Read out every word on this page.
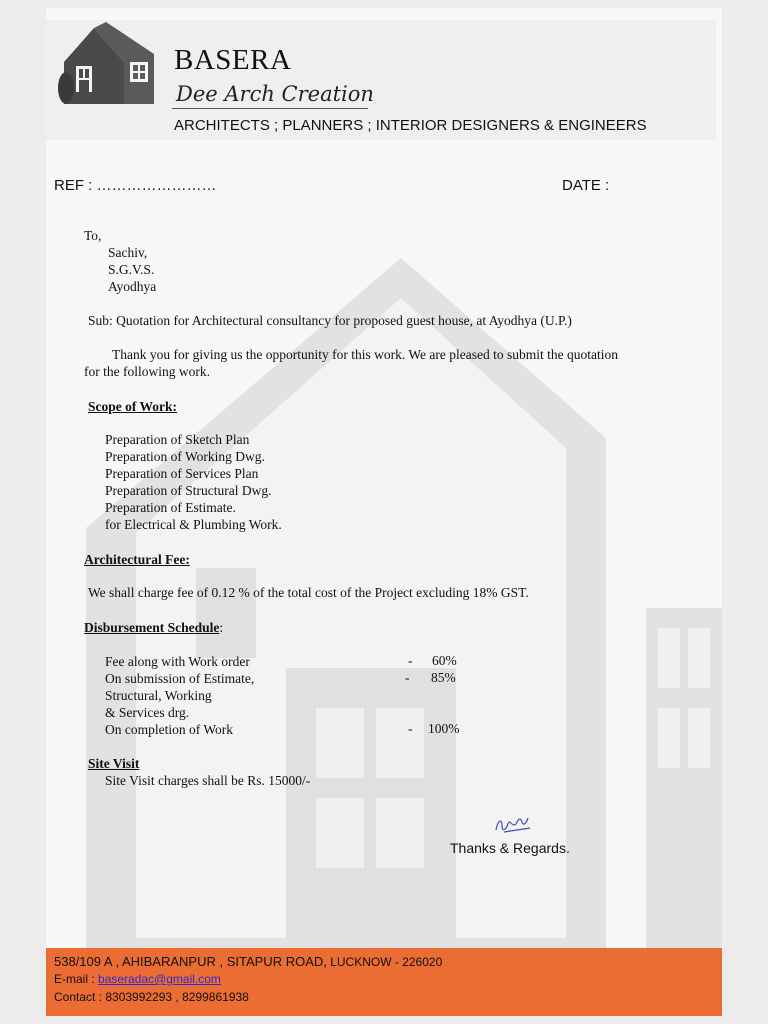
BASERA
Dee Arch Creation
ARCHITECTS ; PLANNERS ; INTERIOR DESIGNERS & ENGINEERS
REF : ……………………	DATE :
To,
Sachiv,
S.G.V.S.
Ayodhya
Sub: Quotation for Architectural consultancy for proposed guest house, at Ayodhya (U.P.)
Thank you for giving us the opportunity for this work. We are pleased to submit the quotation
for the following work.
Scope of Work:
Preparation of Sketch Plan
Preparation of Working Dwg.
Preparation of Services Plan
Preparation of Structural Dwg.
Preparation of Estimate.
for Electrical & Plumbing Work.
Architectural Fee:
We shall charge fee of 0.12 % of the total cost of the Project excluding 18% GST.
Disbursement Schedule:
Fee along with Work order	- 60%
On submission of Estimate,	- 85%
Structural, Working
& Services drg.
On completion of Work	- 100%
Site Visit
Site Visit charges shall be Rs. 15000/-
Thanks & Regards.
538/109 A , AHIBARANPUR , SITAPUR ROAD, LUCKNOW - 226020
E-mail : baseradac@gmail.com
Contact : 8303992293 , 8299861938
